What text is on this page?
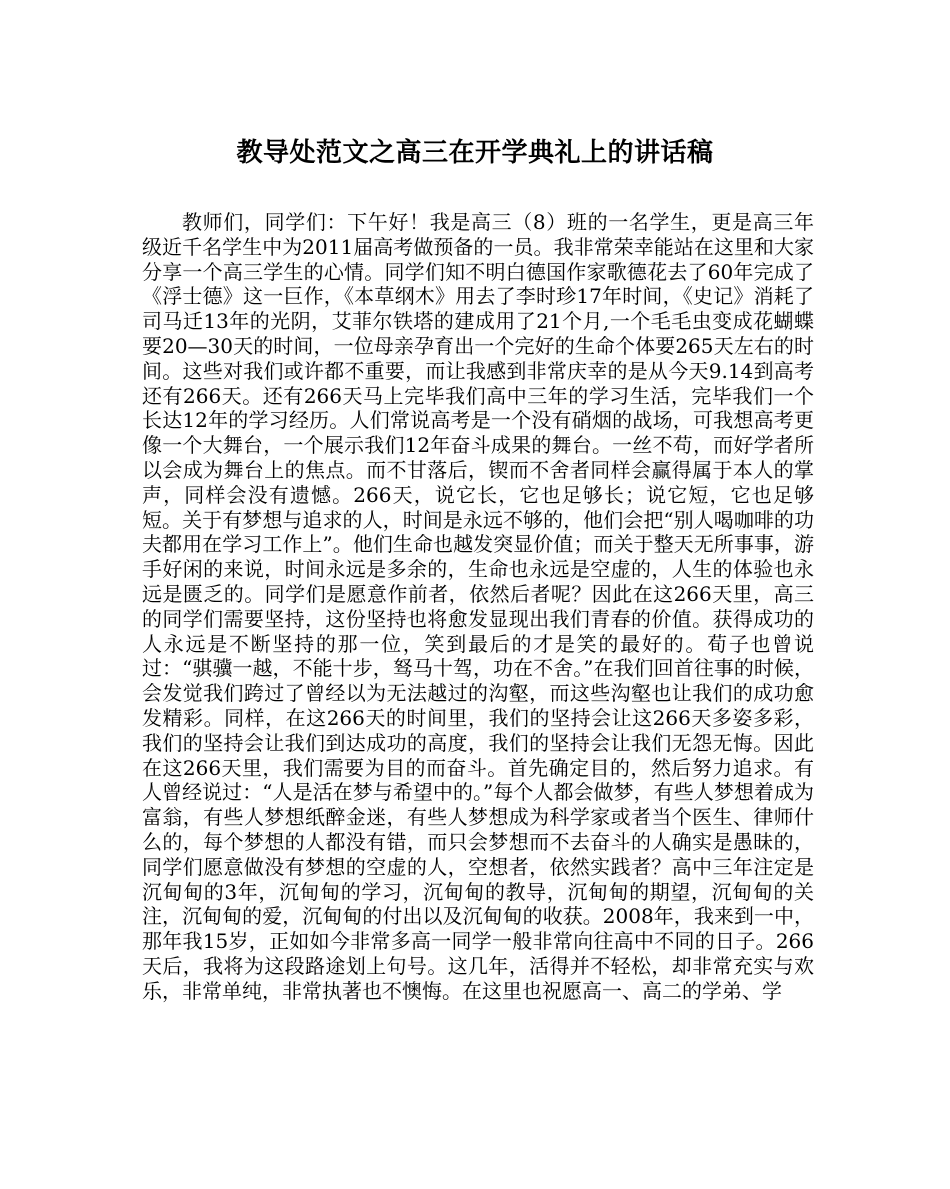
教导处范文之高三在开学典礼上的讲话稿

教师们，同学们：下午好！我是高三（8）班的一名学生，更是高三年级近千名学生中为2011届高考做预备的一员。我非常荣幸能站在这里和大家分享一个高三学生的心情。同学们知不明白德国作家歌德花去了60年完成了《浮士德》这一巨作，《本草纲木》用去了李时珍17年时间，《史记》消耗了司马迁13年的光阴，艾菲尔铁塔的建成用了21个月,一个毛毛虫变成花蝴蝶要20—30天的时间，一位母亲孕育出一个完好的生命个体要265天左右的时间。这些对我们或许都不重要，而让我感到非常庆幸的是从今天9.14到高考还有266天。还有266天马上完毕我们高中三年的学习生活，完毕我们一个长达12年的学习经历。人们常说高考是一个没有硝烟的战场，可我想高考更像一个大舞台，一个展示我们12年奋斗成果的舞台。一丝不苟，而好学者所以会成为舞台上的焦点。而不甘落后，锲而不舍者同样会赢得属于本人的掌声，同样会没有遗憾。266天，说它长，它也足够长；说它短，它也足够短。关于有梦想与追求的人，时间是永远不够的，他们会把“别人喝咖啡的功夫都用在学习工作上”。他们生命也越发突显价值；而关于整天无所事事，游手好闲的来说，时间永远是多余的，生命也永远是空虚的，人生的体验也永远是匮乏的。同学们是愿意作前者，依然后者呢？因此在这266天里，高三的同学们需要坚持，这份坚持也将愈发显现出我们青春的价值。获得成功的人永远是不断坚持的那一位，笑到最后的才是笑的最好的。荀子也曾说过：“骐骥一越，不能十步，驽马十驾，功在不舍。”在我们回首往事的时候，会发觉我们跨过了曾经以为无法越过的沟壑，而这些沟壑也让我们的成功愈发精彩。同样，在这266天的时间里，我们的坚持会让这266天多姿多彩，我们的坚持会让我们到达成功的高度，我们的坚持会让我们无怨无悔。因此在这266天里，我们需要为目的而奋斗。首先确定目的，然后努力追求。有人曾经说过：“人是活在梦与希望中的。”每个人都会做梦，有些人梦想着成为富翁，有些人梦想纸醉金迷，有些人梦想成为科学家或者当个医生、律师什么的，每个梦想的人都没有错，而只会梦想而不去奋斗的人确实是愚昧的，同学们愿意做没有梦想的空虚的人，空想者，依然实践者？高中三年注定是沉甸甸的3年，沉甸甸的学习，沉甸甸的教导，沉甸甸的期望，沉甸甸的关注，沉甸甸的爱，沉甸甸的付出以及沉甸甸的收获。2008年，我来到一中，那年我15岁，正如如今非常多高一同学一般非常向往高中不同的日子。266天后，我将为这段路途划上句号。这几年，活得并不轻松，却非常充实与欢乐，非常单纯，非常执著也不懊悔。在这里也祝愿高一、高二的学弟、学
